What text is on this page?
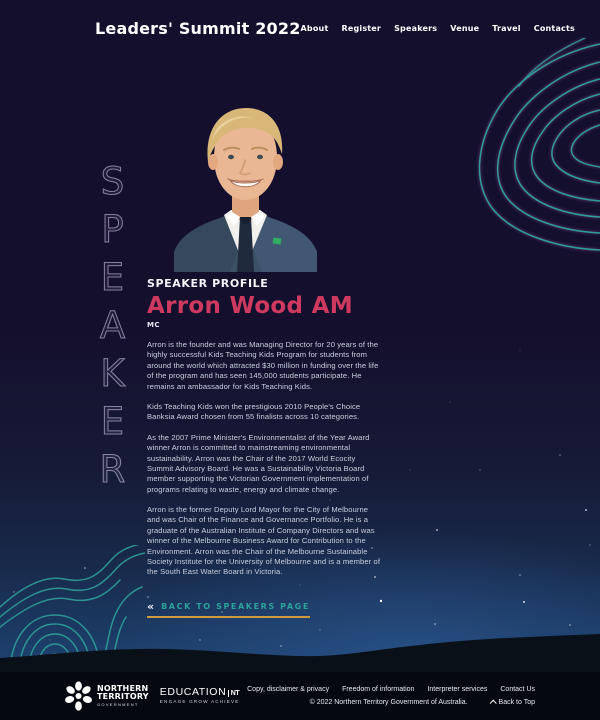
Leaders' Summit 2022 About Register Speakers Venue Travel Contacts
SPEAKER SPEAKER PROFILE
Arron Wood AM
MC

Arron is the founder and was Managing Director for 20 years of the highly successful Kids Teaching Kids Program for students from around the world which attracted $30 million in funding over the life of the program and has seen 145,000 students participate. He remains an ambassador for Kids Teaching Kids.

Kids Teaching Kids won the prestigious 2010 People's Choice Banksia Award chosen from 55 finalists across 10 categories.

As the 2007 Prime Minister's Environmentalist of the Year Award winner Arron is committed to mainstreaming environmental sustainability. Arron was the Chair of the 2017 World Ecocity Summit Advisory Board. He was a Sustainability Victoria Board member supporting the Victorian Government implementation of programs relating to waste, energy and climate change.

Arron is the former Deputy Lord Mayor for the City of Melbourne and was Chair of the Finance and Governance Portfolio. He is a graduate of the Australian Institute of Company Directors and was winner of the Melbourne Business Award for Contribution to the Environment. Arron was the Chair of the Melbourne Sustainable Society Institute for the University of Melbourne and is a member of the South East Water Board in Victoria.

« BACK TO SPEAKERS PAGE
NORTHERN
TERRITORY
GOVERNMENT
EDUCATION NT
ENGAGE GROW ACHIEVE
Copy, disclaimer & privacy Freedom of information Interpreter services Contact Us
© 2022 Northern Territory Government of Australia.	Back to Top
